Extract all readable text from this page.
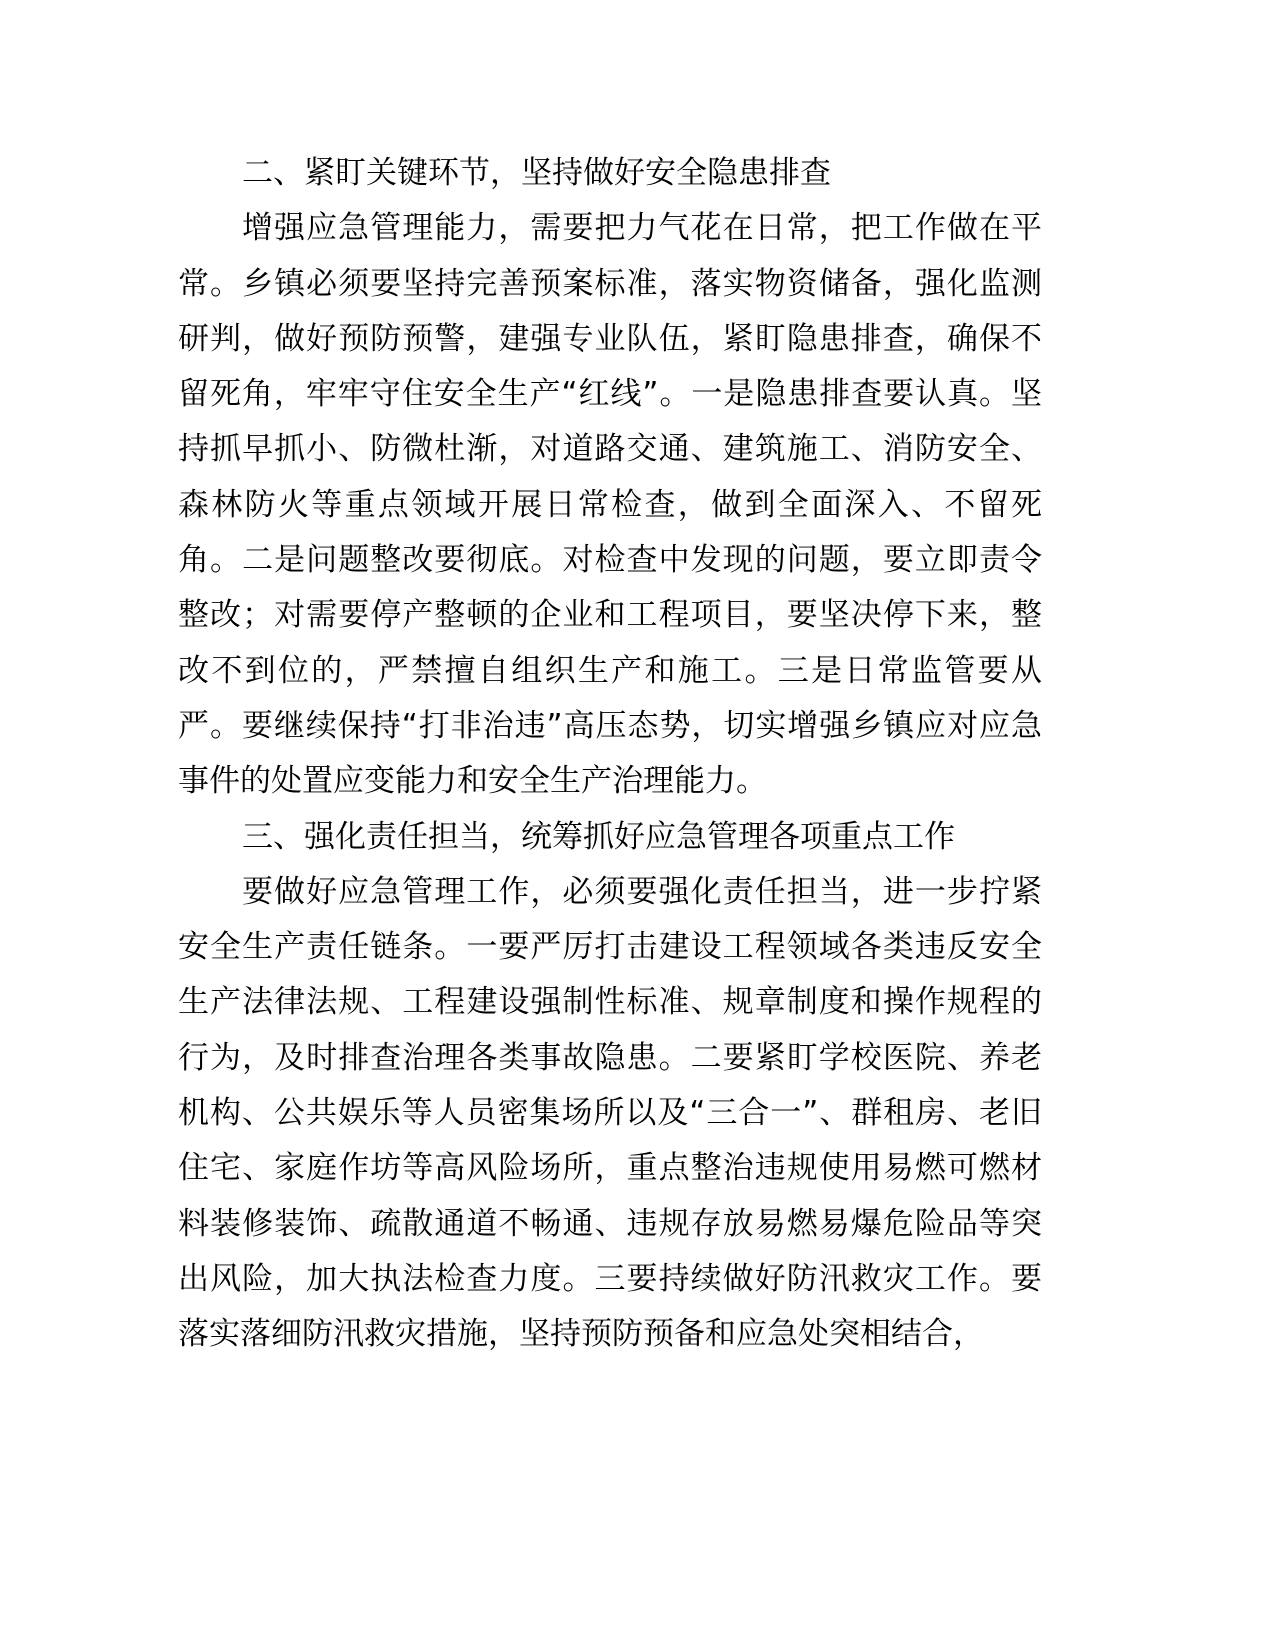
二、紧盯关键环节，坚持做好安全隐患排查

增强应急管理能力，需要把力气花在日常，把工作做在平常。乡镇必须要坚持完善预案标准，落实物资储备，强化监测研判，做好预防预警，建强专业队伍，紧盯隐患排查，确保不留死角，牢牢守住安全生产“红线”。一是隐患排查要认真。坚持抓早抓小、防微杜渐，对道路交通、建筑施工、消防安全、森林防火等重点领域开展日常检查，做到全面深入、不留死角。二是问题整改要彻底。对检查中发现的问题，要立即责令整改；对需要停产整顿的企业和工程项目，要坚决停下来，整改不到位的，严禁擅自组织生产和施工。三是日常监管要从严。要继续保持“打非治违”高压态势，切实增强乡镇应对应急事件的处置应变能力和安全生产治理能力。

三、强化责任担当，统筹抓好应急管理各项重点工作

要做好应急管理工作，必须要强化责任担当，进一步拧紧安全生产责任链条。一要严厉打击建设工程领域各类违反安全生产法律法规、工程建设强制性标准、规章制度和操作规程的行为，及时排查治理各类事故隐患。二要紧盯学校医院、养老机构、公共娱乐等人员密集场所以及“三合一”、群租房、老旧住宅、家庭作坊等高风险场所，重点整治违规使用易燃可燃材料装修装饰、疏散通道不畅通、违规存放易燃易爆危险品等突出风险，加大执法检查力度。三要持续做好防汛救灾工作。要落实落细防汛救灾措施，坚持预防预备和应急处突相结合，
